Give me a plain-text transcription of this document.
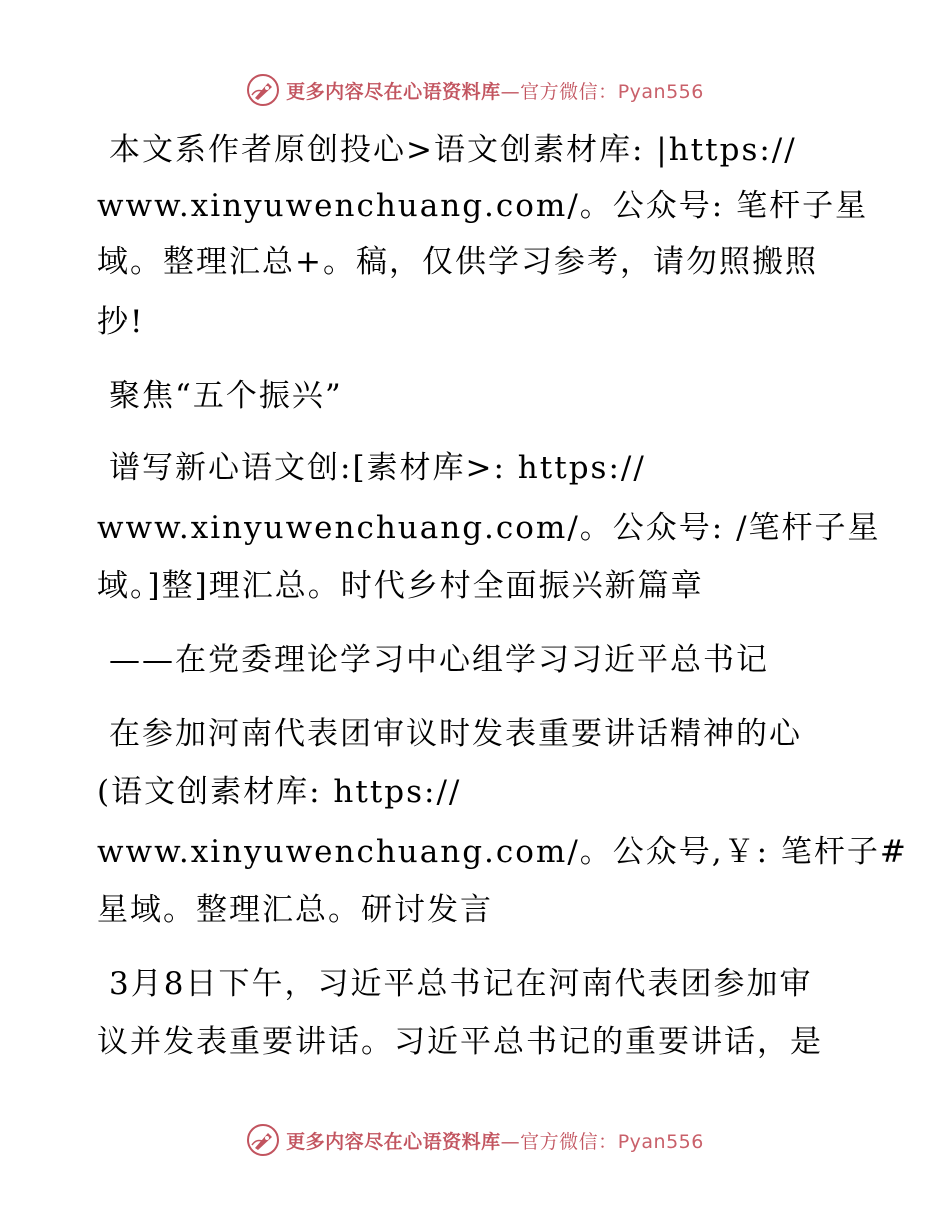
更多内容尽在心语资料库—官方微信：Pyan556
本文系作者原创投心>语文创素材库: |https://
www.xinyuwenchuang.com/。公众号: 笔杆子星
域。整理汇总+。稿，仅供学习参考，请勿照搬照
抄!
聚焦“五个振兴”
谱写新心语文创:[素材库>: https://
www.xinyuwenchuang.com/。公众号: /笔杆子星
域。]整]理汇总。时代乡村全面振兴新篇章
——在党委理论学习中心组学习习近平总书记
在参加河南代表团审议时发表重要讲话精神的心
(语文创素材库: https://
www.xinyuwenchuang.com/。公众号,￥: 笔杆子#
星域。整理汇总。研讨发言
3月8日下午，习近平总书记在河南代表团参加审
议并发表重要讲话。习近平总书记的重要讲话，是
更多内容尽在心语资料库—官方微信：Pyan556
